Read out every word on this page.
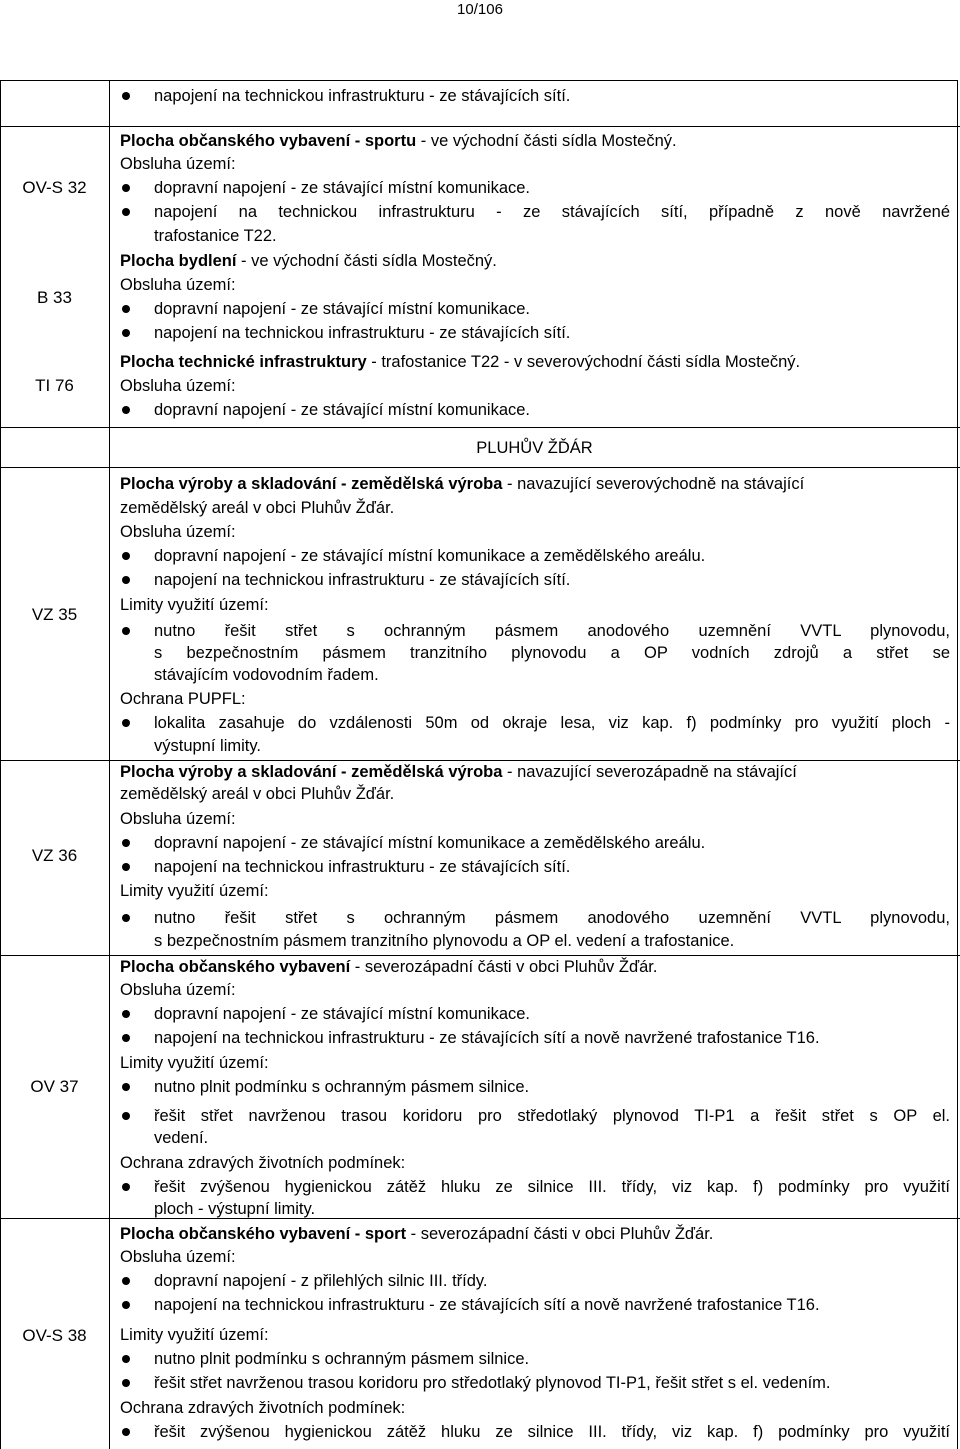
10/106
OV-S 32
B 33
TI 76
VZ 35
VZ 36
OV 37
OV-S 38
PLUHŮV ŽĎÁR
napojení na technickou infrastrukturu - ze stávajících sítí.
Plocha občanského vybavení - sportu - ve východní části sídla Mostečný.
Obsluha území:
dopravní napojení - ze stávající místní komunikace.
napojení na technickou infrastrukturu - ze stávajících sítí, případně z nově navržené
trafostanice T22.
Plocha bydlení - ve východní části sídla Mostečný.
Obsluha území:
dopravní napojení - ze stávající místní komunikace.
napojení na technickou infrastrukturu - ze stávajících sítí.
Plocha technické infrastruktury - trafostanice T22 - v severovýchodní části sídla Mostečný.
Obsluha území:
dopravní napojení - ze stávající místní komunikace.
Plocha výroby a skladování - zemědělská výroba - navazující severovýchodně na stávající
zemědělský areál v obci Pluhův Žďár.
Obsluha území:
dopravní napojení - ze stávající místní komunikace a zemědělského areálu.
napojení na technickou infrastrukturu - ze stávajících sítí.
Limity využití území:
nutno řešit střet s ochranným pásmem anodového uzemnění VVTL plynovodu,
s bezpečnostním pásmem tranzitního plynovodu a OP vodních zdrojů a střet se
stávajícím vodovodním řadem.
Ochrana PUPFL:
lokalita zasahuje do vzdálenosti 50m od okraje lesa, viz kap. f) podmínky pro využití ploch -
výstupní limity.
Plocha výroby a skladování - zemědělská výroba - navazující severozápadně na stávající
zemědělský areál v obci Pluhův Žďár.
Obsluha území:
dopravní napojení - ze stávající místní komunikace a zemědělského areálu.
napojení na technickou infrastrukturu - ze stávajících sítí.
Limity využití území:
nutno řešit střet s ochranným pásmem anodového uzemnění VVTL plynovodu,
s bezpečnostním pásmem tranzitního plynovodu a OP el. vedení a trafostanice.
Plocha občanského vybavení - severozápadní části v obci Pluhův Žďár.
Obsluha území:
dopravní napojení - ze stávající místní komunikace.
napojení na technickou infrastrukturu - ze stávajících sítí a nově navržené trafostanice T16.
Limity využití území:
nutno plnit podmínku s ochranným pásmem silnice.
řešit střet navrženou trasou koridoru pro středotlaký plynovod TI-P1 a řešit střet s OP el.
vedení.
Ochrana zdravých životních podmínek:
řešit zvýšenou hygienickou zátěž hluku ze silnice III. třídy, viz kap. f) podmínky pro využití
ploch - výstupní limity.
Plocha občanského vybavení - sport - severozápadní části v obci Pluhův Žďár.
Obsluha území:
dopravní napojení - z přilehlých silnic III. třídy.
napojení na technickou infrastrukturu - ze stávajících sítí a nově navržené trafostanice T16.
Limity využití území:
nutno plnit podmínku s ochranným pásmem silnice.
řešit střet navrženou trasou koridoru pro středotlaký plynovod TI-P1, řešit střet s el. vedením.
Ochrana zdravých životních podmínek:
řešit zvýšenou hygienickou zátěž hluku ze silnice III. třídy, viz kap. f) podmínky pro využití
